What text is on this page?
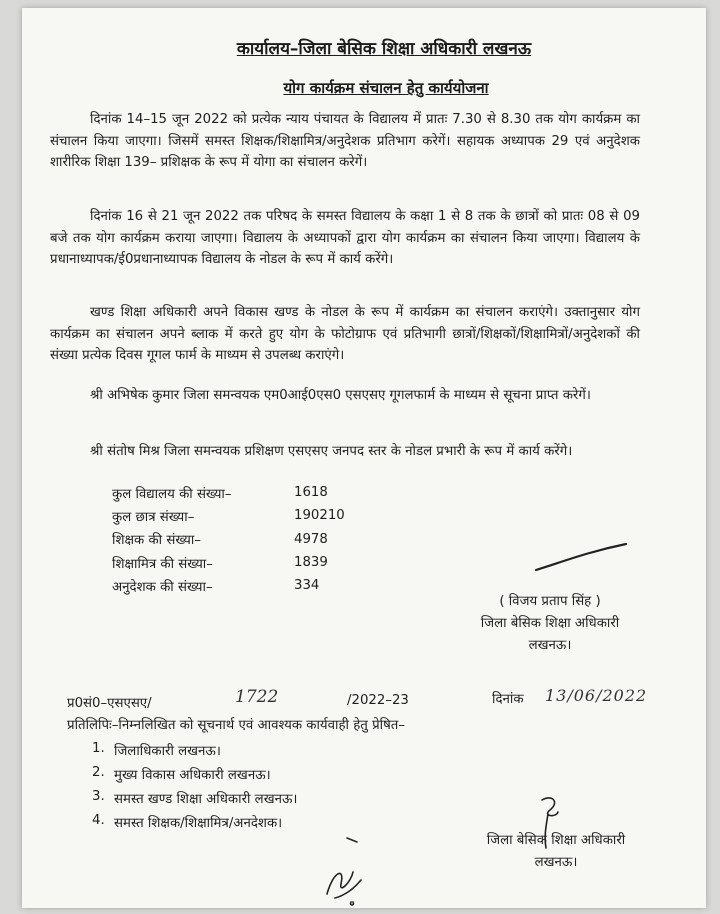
कार्यालय–जिला बेसिक शिक्षा अधिकारी लखनऊ
योग कार्यक्रम संचालन हेतु कार्ययोजना
दिनांक 14–15 जून 2022 को प्रत्येक न्याय पंचायत के विद्यालय में प्रातः 7.30 से 8.30 तक योग कार्यक्रम का संचालन किया जाएगा। जिसमें समस्त शिक्षक/शिक्षामित्र/अनुदेशक प्रतिभाग करेगें। सहायक अध्यापक 29 एवं अनुदेशक शारीरिक शिक्षा 139– प्रशिक्षक के रूप में योगा का संचालन करेगें।
दिनांक 16 से 21 जून 2022 तक परिषद के समस्त विद्यालय के कक्षा 1 से 8 तक के छात्रों को प्रातः 08 से 09 बजे तक योग कार्यक्रम कराया जाएगा। विद्यालय के अध्यापकों द्वारा योग कार्यक्रम का संचालन किया जाएगा। विद्यालय के प्रधानाध्यापक/ई0प्रधानाध्यापक विद्यालय के नोडल के रूप में कार्य करेंगे।
खण्ड शिक्षा अधिकारी अपने विकास खण्ड के नोडल के रूप में कार्यक्रम का संचालन कराएंगे। उक्तानुसार योग कार्यक्रम का संचालन अपने ब्लाक में करते हुए योग के फोटोग्राफ एवं प्रतिभागी छात्रों/शिक्षकों/शिक्षामित्रों/अनुदेशकों की संख्या प्रत्येक दिवस गूगल फार्म के माध्यम से उपलब्ध कराएंगे।
श्री अभिषेक कुमार जिला समन्वयक एम0आई0एस0 एसएसए गूगलफार्म के माध्यम से सूचना प्राप्त करेगें।
श्री संतोष मिश्र जिला समन्वयक प्रशिक्षण एसएसए जनपद स्तर के नोडल प्रभारी के रूप में कार्य करेंगे।
कुल विद्यालय की संख्या–	1618
कुल छात्र संख्या–	190210
शिक्षक की संख्या–	4978
शिक्षामित्र की संख्या–	1839
अनुदेशक की संख्या–	334
( विजय प्रताप सिंह )
जिला बेसिक शिक्षा अधिकारी
लखनऊ।
प्र0सं0–एसएसए/	1722	/2022–23	दिनांक 13/06/2022
प्रतिलिपिः–निम्नलिखित को सूचनार्थ एवं आवश्यक कार्यवाही हेतु प्रेषित–
1. जिलाधिकारी लखनऊ।
2. मुख्य विकास अधिकारी लखनऊ।
3. समस्त खण्ड शिक्षा अधिकारी लखनऊ।
4. समस्त शिक्षक/शिक्षामित्र/अनदेशक।
जिला बेसिक शिक्षा अधिकारी
लखनऊ।
